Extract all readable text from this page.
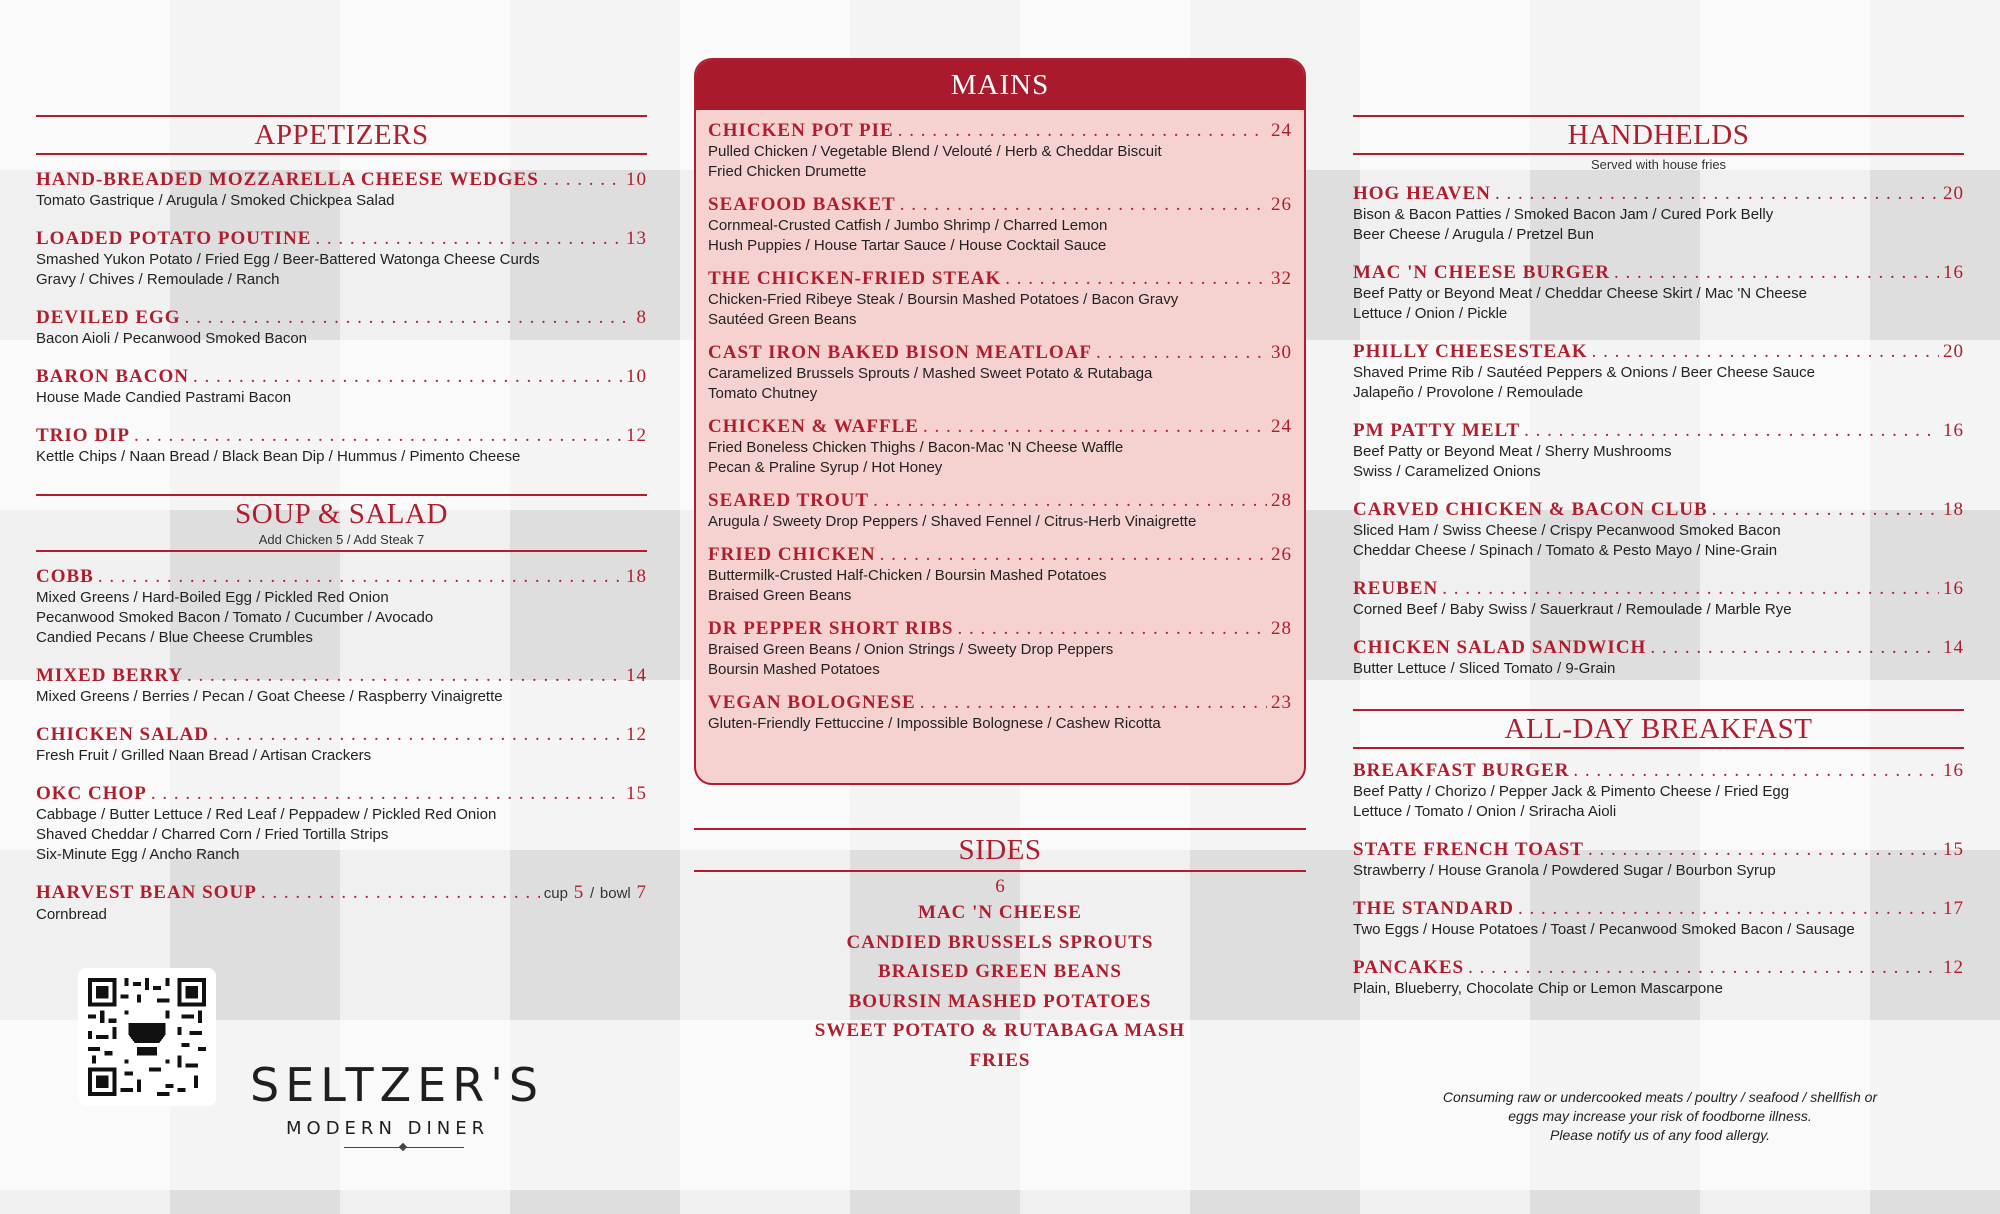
APPETIZERS
HAND-BREADED MOZZARELLA CHEESE WEDGES . . .	10
Tomato Gastrique / Arugula / Smoked Chickpea Salad
LOADED POTATO POUTINE . . .	13
Smashed Yukon Potato / Fried Egg / Beer-Battered Watonga Cheese Curds
Gravy / Chives / Remoulade / Ranch
DEVILED EGG . . .	8
Bacon Aioli / Pecanwood Smoked Bacon
BARON BACON . . .	10
House Made Candied Pastrami Bacon
TRIO DIP . . .	12
Kettle Chips / Naan Bread / Black Bean Dip / Hummus / Pimento Cheese
SOUP & SALAD
Add Chicken 5 / Add Steak 7
COBB . . .	18
Mixed Greens / Hard-Boiled Egg / Pickled Red Onion
Pecanwood Smoked Bacon / Tomato / Cucumber / Avocado
Candied Pecans / Blue Cheese Crumbles
MIXED BERRY . . .	14
Mixed Greens / Berries / Pecan / Goat Cheese / Raspberry Vinaigrette
CHICKEN SALAD . . .	12
Fresh Fruit / Grilled Naan Bread / Artisan Crackers
OKC CHOP . . .	15
Cabbage / Butter Lettuce / Red Leaf / Peppadew / Pickled Red Onion
Shaved Cheddar / Charred Corn / Fried Tortilla Strips
Six-Minute Egg / Ancho Ranch
HARVEST BEAN SOUP . . .	cup 5 / bowl 7
Cornbread
SELTZER'S
MODERN DINER
MAINS
CHICKEN POT PIE . . .	24
Pulled Chicken / Vegetable Blend / Velouté / Herb & Cheddar Biscuit
Fried Chicken Drumette
SEAFOOD BASKET . . .	26
Cornmeal-Crusted Catfish / Jumbo Shrimp / Charred Lemon
Hush Puppies / House Tartar Sauce / House Cocktail Sauce
THE CHICKEN-FRIED STEAK . . .	32
Chicken-Fried Ribeye Steak / Boursin Mashed Potatoes / Bacon Gravy
Sautéed Green Beans
CAST IRON BAKED BISON MEATLOAF . . .	30
Caramelized Brussels Sprouts / Mashed Sweet Potato & Rutabaga
Tomato Chutney
CHICKEN & WAFFLE . . .	24
Fried Boneless Chicken Thighs / Bacon-Mac 'N Cheese Waffle
Pecan & Praline Syrup / Hot Honey
SEARED TROUT . . .	28
Arugula / Sweety Drop Peppers / Shaved Fennel / Citrus-Herb Vinaigrette
FRIED CHICKEN . . .	26
Buttermilk-Crusted Half-Chicken / Boursin Mashed Potatoes
Braised Green Beans
DR PEPPER SHORT RIBS . . .	28
Braised Green Beans / Onion Strings / Sweety Drop Peppers
Boursin Mashed Potatoes
VEGAN BOLOGNESE . . .	23
Gluten-Friendly Fettuccine / Impossible Bolognese / Cashew Ricotta
SIDES
6
MAC 'N CHEESE
CANDIED BRUSSELS SPROUTS
BRAISED GREEN BEANS
BOURSIN MASHED POTATOES
SWEET POTATO & RUTABAGA MASH
FRIES
HANDHELDS
Served with house fries
HOG HEAVEN . . .	20
Bison & Bacon Patties / Smoked Bacon Jam / Cured Pork Belly
Beer Cheese / Arugula / Pretzel Bun
MAC 'N CHEESE BURGER . . .	16
Beef Patty or Beyond Meat / Cheddar Cheese Skirt / Mac 'N Cheese
Lettuce / Onion / Pickle
PHILLY CHEESESTEAK . . .	20
Shaved Prime Rib / Sautéed Peppers & Onions / Beer Cheese Sauce
Jalapeño / Provolone / Remoulade
PM PATTY MELT . . .	16
Beef Patty or Beyond Meat / Sherry Mushrooms
Swiss / Caramelized Onions
CARVED CHICKEN & BACON CLUB . . .	18
Sliced Ham / Swiss Cheese / Crispy Pecanwood Smoked Bacon
Cheddar Cheese / Spinach / Tomato & Pesto Mayo / Nine-Grain
REUBEN . . .	16
Corned Beef / Baby Swiss / Sauerkraut / Remoulade / Marble Rye
CHICKEN SALAD SANDWICH . . .	14
Butter Lettuce / Sliced Tomato / 9-Grain
ALL-DAY BREAKFAST
BREAKFAST BURGER . . .	16
Beef Patty / Chorizo / Pepper Jack & Pimento Cheese / Fried Egg
Lettuce / Tomato / Onion / Sriracha Aioli
STATE FRENCH TOAST . . .	15
Strawberry / House Granola / Powdered Sugar / Bourbon Syrup
THE STANDARD . . .	17
Two Eggs / House Potatoes / Toast / Pecanwood Smoked Bacon / Sausage
PANCAKES . . .	12
Plain, Blueberry, Chocolate Chip or Lemon Mascarpone
Consuming raw or undercooked meats / poultry / seafood / shellfish or
eggs may increase your risk of foodborne illness.
Please notify us of any food allergy.
